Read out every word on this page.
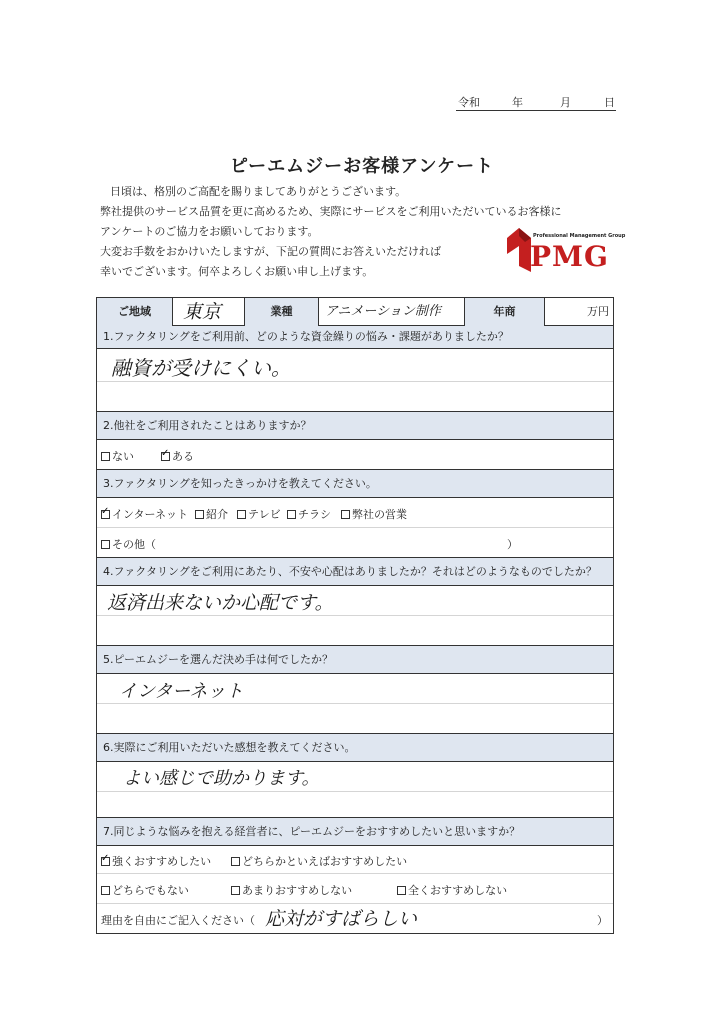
令和	年	月	日
ピーエムジーお客様アンケート
日頃は、格別のご高配を賜りましてありがとうございます。
弊社提供のサービス品質を更に高めるため、実際にサービスをご利用いただいているお客様に
アンケートのご協力をお願いしております。
大変お手数をおかけいたしますが、下記の質問にお答えいただければ
幸いでございます。何卒よろしくお願い申し上げます。
Professional Management Group
PMG
ご地域	東京	業種	アニメーション制作	年商	万円
1.ファクタリングをご利用前、どのような資金繰りの悩み・課題がありましたか？
融資が受けにくい。
2.他社をご利用されたことはありますか？
ない
✓	ある
3.ファクタリングを知ったきっかけを教えてください。
✓インターネット	紹介	テレビ	チラシ	弊社の営業
その他（	）
4.ファクタリングをご利用にあたり、不安や心配はありましたか？それはどのようなものでしたか？
返済出来ないか心配です。
5.ピーエムジーを選んだ決め手は何でしたか？
インターネット
6.実際にご利用いただいた感想を教えてください。
よい感じで助かります。
7.同じような悩みを抱える経営者に、ピーエムジーをおすすめしたいと思いますか？
✓強くおすすめしたい	どちらかといえばおすすめしたい
どちらでもない	あまりおすすめしない	全くおすすめしない
理由を自由にご記入ください（ 応対がすばらしい	）
